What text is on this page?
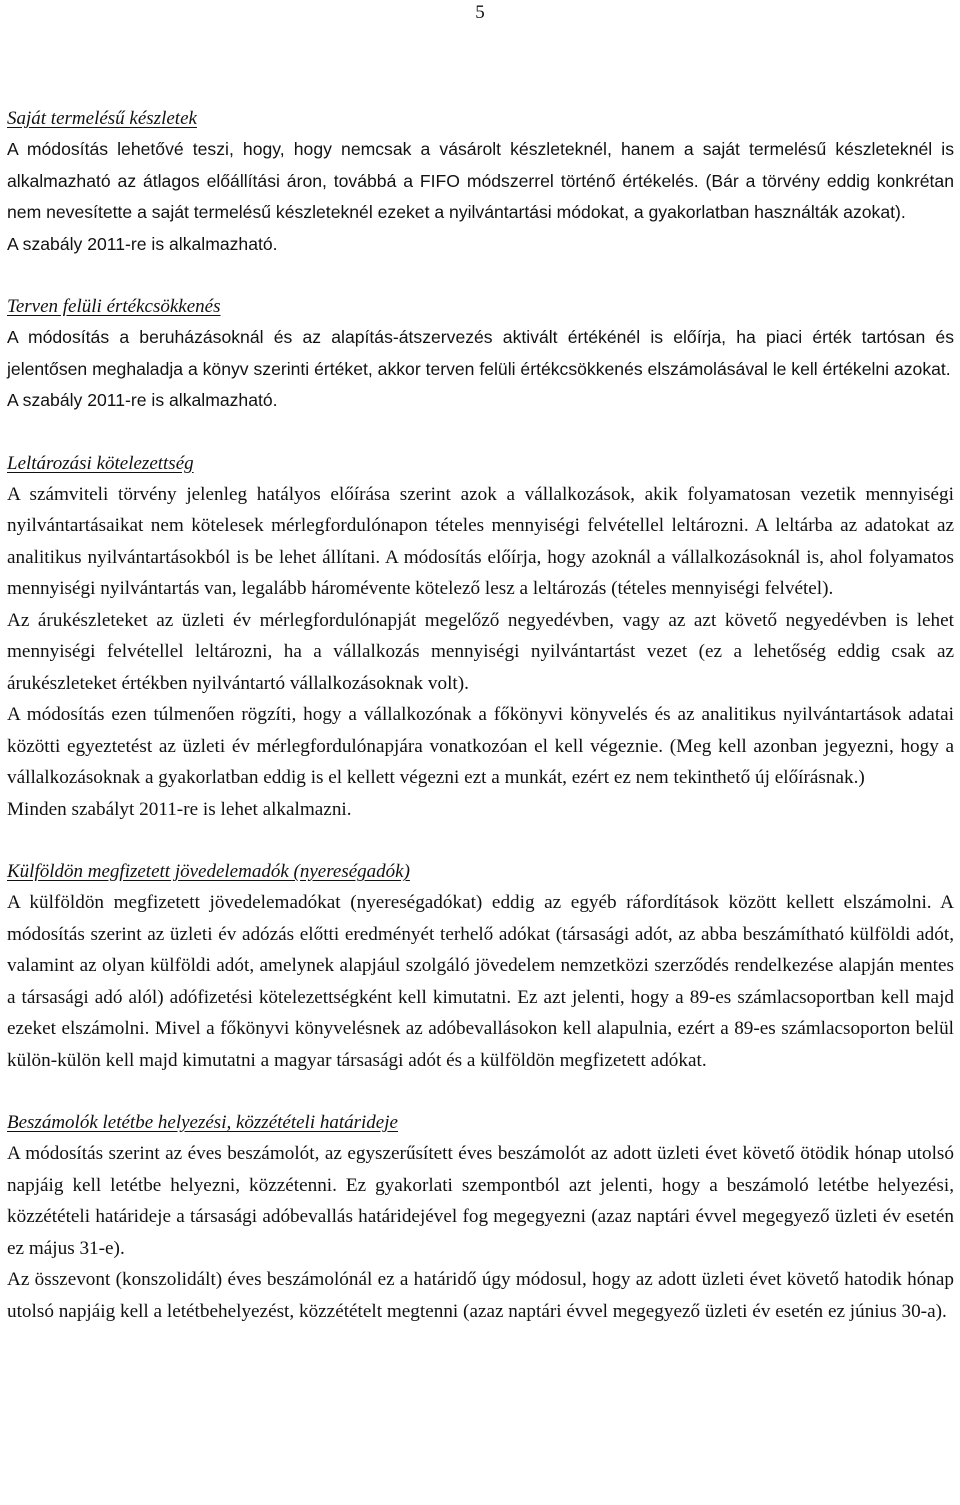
5

Saját termelésű készletek

A módosítás lehetővé teszi, hogy, hogy nemcsak a vásárolt készleteknél, hanem a saját termelésű készleteknél is alkalmazható az átlagos előállítási áron, továbbá a FIFO módszerrel történő értékelés. (Bár a törvény eddig konkrétan nem nevesítette a saját termelésű készleteknél ezeket a nyilvántartási módokat, a gyakorlatban használták azokat).

A szabály 2011-re is alkalmazható.

Terven felüli értékcsökkenés

A módosítás a beruházásoknál és az alapítás-átszervezés aktivált értékénél is előírja, ha piaci érték tartósan és jelentősen meghaladja a könyv szerinti értéket, akkor terven felüli értékcsökkenés elszámolásával le kell értékelni azokat.

A szabály 2011-re is alkalmazható.

Leltározási kötelezettség

A számviteli törvény jelenleg hatályos előírása szerint azok a vállalkozások, akik folyamatosan vezetik mennyiségi nyilvántartásaikat nem kötelesek mérlegfordulónapon tételes mennyiségi felvétellel leltározni. A leltárba az adatokat az analitikus nyilvántartásokból is be lehet állítani. A módosítás előírja, hogy azoknál a vállalkozásoknál is, ahol folyamatos mennyiségi nyilvántartás van, legalább háromévente kötelező lesz a leltározás (tételes mennyiségi felvétel).

Az árukészleteket az üzleti év mérlegfordulónapját megelőző negyedévben, vagy az azt követő negyedévben is lehet mennyiségi felvétellel leltározni, ha a vállalkozás mennyiségi nyilvántartást vezet (ez a lehetőség eddig csak az árukészleteket értékben nyilvántartó vállalkozásoknak volt).

A módosítás ezen túlmenően rögzíti, hogy a vállalkozónak a főkönyvi könyvelés és az analitikus nyilvántartások adatai közötti egyeztetést az üzleti év mérlegfordulónapjára vonatkozóan el kell végeznie. (Meg kell azonban jegyezni, hogy a vállalkozásoknak a gyakorlatban eddig is el kellett végezni ezt a munkát, ezért ez nem tekinthető új előírásnak.)

Minden szabályt 2011-re is lehet alkalmazni.

Külföldön megfizetett jövedelemadók (nyereségadók)

A külföldön megfizetett jövedelemadókat (nyereségadókat) eddig az egyéb ráfordítások között kellett elszámolni. A módosítás szerint az üzleti év adózás előtti eredményét terhelő adókat (társasági adót, az abba beszámítható külföldi adót, valamint az olyan külföldi adót, amelynek alapjául szolgáló jövedelem nemzetközi szerződés rendelkezése alapján mentes a társasági adó alól) adófizetési kötelezettségként kell kimutatni. Ez azt jelenti, hogy a 89-es számlacsoportban kell majd ezeket elszámolni. Mivel a főkönyvi könyvelésnek az adóbevallásokon kell alapulnia, ezért a 89-es számlacsoporton belül külön-külön kell majd kimutatni a magyar társasági adót és a külföldön megfizetett adókat.

Beszámolók letétbe helyezési, közzétételi határideje

A módosítás szerint az éves beszámolót, az egyszerűsített éves beszámolót az adott üzleti évet követő ötödik hónap utolsó napjáig kell letétbe helyezni, közzétenni. Ez gyakorlati szempontból azt jelenti, hogy a beszámoló letétbe helyezési, közzétételi határideje a társasági adóbevallás határidejével fog megegyezni (azaz naptári évvel megegyező üzleti év esetén ez május 31-e).

Az összevont (konszolidált) éves beszámolónál ez a határidő úgy módosul, hogy az adott üzleti évet követő hatodik hónap utolsó napjáig kell a letétbehelyezést, közzétételt megtenni (azaz naptári évvel megegyező üzleti év esetén ez június 30-a).
